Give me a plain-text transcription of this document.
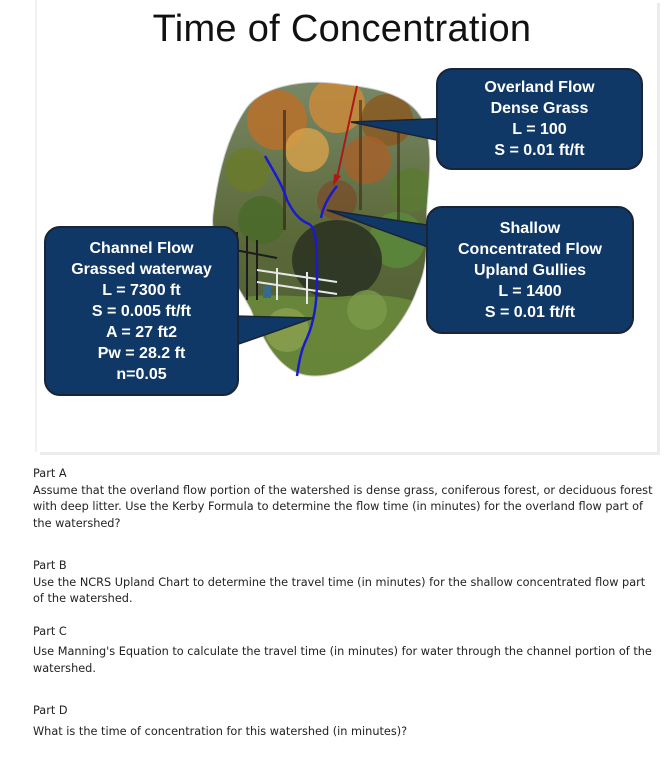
Time of Concentration
Overland Flow
Dense Grass
L = 100
S = 0.01 ft/ft
Shallow
Concentrated Flow
Upland Gullies
L = 1400
S = 0.01 ft/ft
Channel Flow
Grassed waterway
L = 7300 ft
S = 0.005 ft/ft
A = 27 ft2
Pw = 28.2 ft
n=0.05

Part A

Assume that the overland flow portion of the watershed is dense grass, coniferous forest, or deciduous forest with deep litter. Use the Kerby Formula to determine the flow time (in minutes) for the overland flow part of the watershed?

Part B

Use the NCRS Upland Chart to determine the travel time (in minutes) for the shallow concentrated flow part of the watershed.

Part C

Use Manning's Equation to calculate the travel time (in minutes) for water through the channel portion of the watershed.

Part D

What is the time of concentration for this watershed (in minutes)?
